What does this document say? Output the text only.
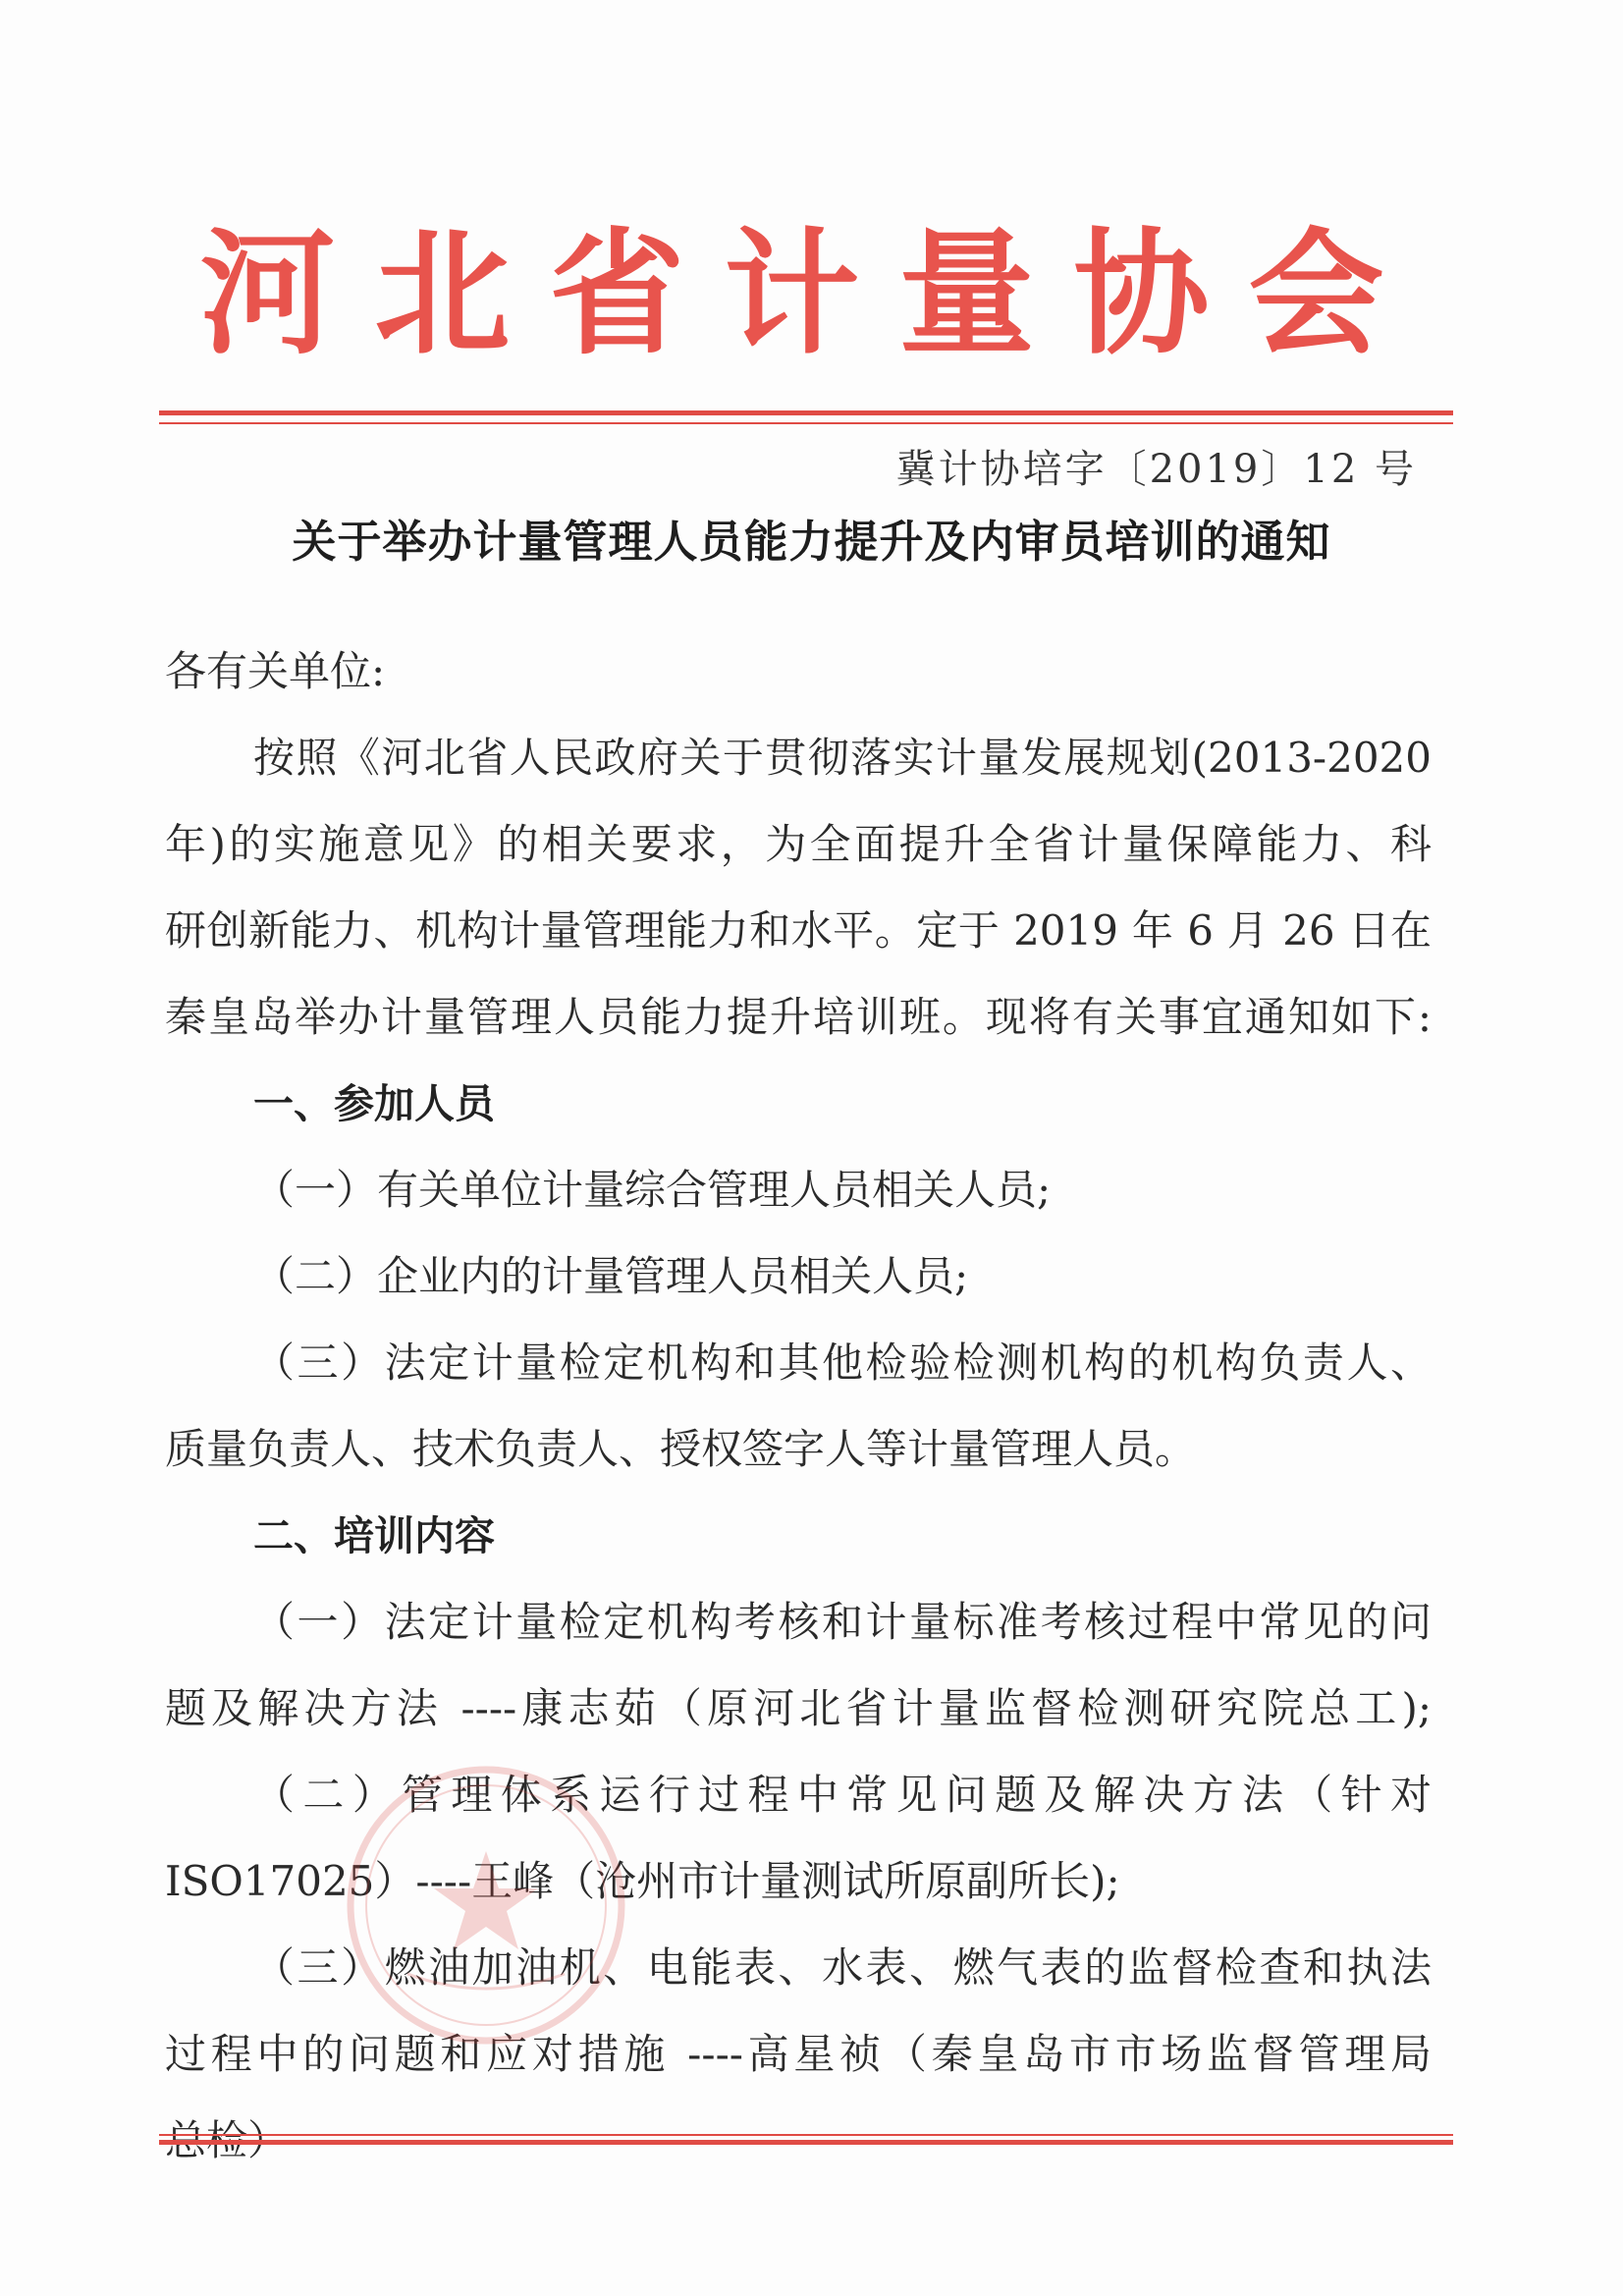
河北省计量协会
冀计协培字〔2019〕12 号
关于举办计量管理人员能力提升及内审员培训的通知
各有关单位:
按照《河北省人民政府关于贯彻落实计量发展规划(2013-2020
年)的实施意见》的相关要求，为全面提升全省计量保障能力、科
研创新能力、机构计量管理能力和水平。定于 2019 年 6 月 26 日在
秦皇岛举办计量管理人员能力提升培训班。现将有关事宜通知如下:
一、参加人员
（一）有关单位计量综合管理人员相关人员;
（二）企业内的计量管理人员相关人员;
（三）法定计量检定机构和其他检验检测机构的机构负责人、
质量负责人、技术负责人、授权签字人等计量管理人员。
二、培训内容
（一）法定计量检定机构考核和计量标准考核过程中常见的问
题及解决方法 ----康志茹（原河北省计量监督检测研究院总工);
（二）管理体系运行过程中常见问题及解决方法（针对
ISO17025）----王峰（沧州市计量测试所原副所长);
（三）燃油加油机、电能表、水表、燃气表的监督检查和执法
过程中的问题和应对措施 ----高星祯（秦皇岛市市场监督管理局
